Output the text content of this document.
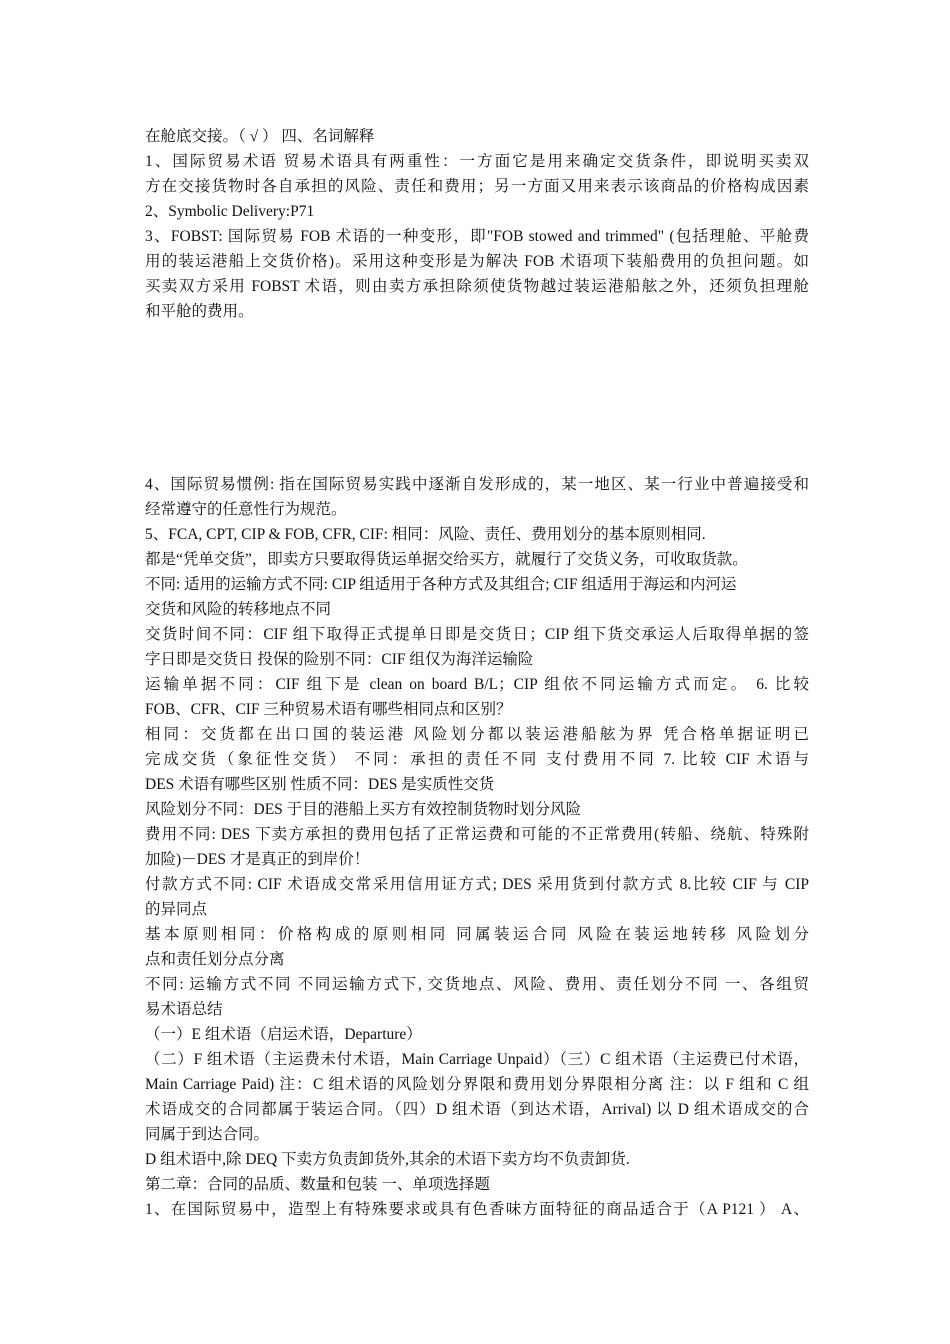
在舱底交接。（ √ ） 四、名词解释
1、国际贸易术语 贸易术语具有两重性：一方面它是用来确定交货条件，即说明买卖双
方在交接货物时各自承担的风险、责任和费用；另一方面又用来表示该商品的价格构成因素
2、Symbolic Delivery:P71
3、FOBST: 国际贸易 FOB 术语的一种变形，即"FOB stowed and trimmed" (包括理舱、平舱费
用的装运港船上交货价格)。采用这种变形是为解决 FOB 术语项下装船费用的负担问题。如
买卖双方采用 FOBST 术语，则由卖方承担除须使货物越过装运港船舷之外，还须负担理舱
和平舱的费用。
4、国际贸易惯例: 指在国际贸易实践中逐渐自发形成的，某一地区、某一行业中普遍接受和
经常遵守的任意性行为规范。
5、FCA, CPT, CIP & FOB, CFR, CIF: 相同：风险、责任、费用划分的基本原则相同.
都是“凭单交货”，即卖方只要取得货运单据交给买方，就履行了交货义务，可收取货款。
不同: 适用的运输方式不同: CIP 组适用于各种方式及其组合; CIF 组适用于海运和内河运
交货和风险的转移地点不同
交货时间不同：CIF 组下取得正式提单日即是交货日；CIP 组下货交承运人后取得单据的签
字日即是交货日 投保的险别不同：CIF 组仅为海洋运输险
运输单据不同：CIF 组下是 clean on board B/L；CIP 组依不同运输方式而定。 6. 比较
FOB、CFR、CIF 三种贸易术语有哪些相同点和区别？
相同：交货都在出口国的装运港 风险划分都以装运港船舷为界 凭合格单据证明已
完成交货（象征性交货） 不同：承担的责任不同 支付费用不同 7. 比较 CIF 术语与
DES 术语有哪些区别 性质不同：DES 是实质性交货
风险划分不同：DES 于目的港船上买方有效控制货物时划分风险
费用不同: DES 下卖方承担的费用包括了正常运费和可能的不正常费用(转船、绕航、特殊附
加险)－DES 才是真正的到岸价！
付款方式不同: CIF 术语成交常采用信用证方式; DES 采用货到付款方式 8.比较 CIF 与 CIP
的异同点
基本原则相同：价格构成的原则相同 同属装运合同 风险在装运地转移 风险划分
点和责任划分点分离
不同: 运输方式不同 不同运输方式下, 交货地点、风险、费用、责任划分不同 一、各组贸
易术语总结
（一）E 组术语（启运术语，Departure）
（二）F 组术语（主运费未付术语，Main Carriage Unpaid）（三）C 组术语（主运费已付术语，
Main Carriage Paid) 注：C 组术语的风险划分界限和费用划分界限相分离 注：以 F 组和 C 组
术语成交的合同都属于装运合同。（四）D 组术语（到达术语，Arrival) 以 D 组术语成交的合
同属于到达合同。
D 组术语中,除 DEQ 下卖方负责卸货外,其余的术语下卖方均不负责卸货.
第二章：合同的品质、数量和包装 一、单项选择题
1、在国际贸易中，造型上有特殊要求或具有色香味方面特征的商品适合于（A P121 ） A、
